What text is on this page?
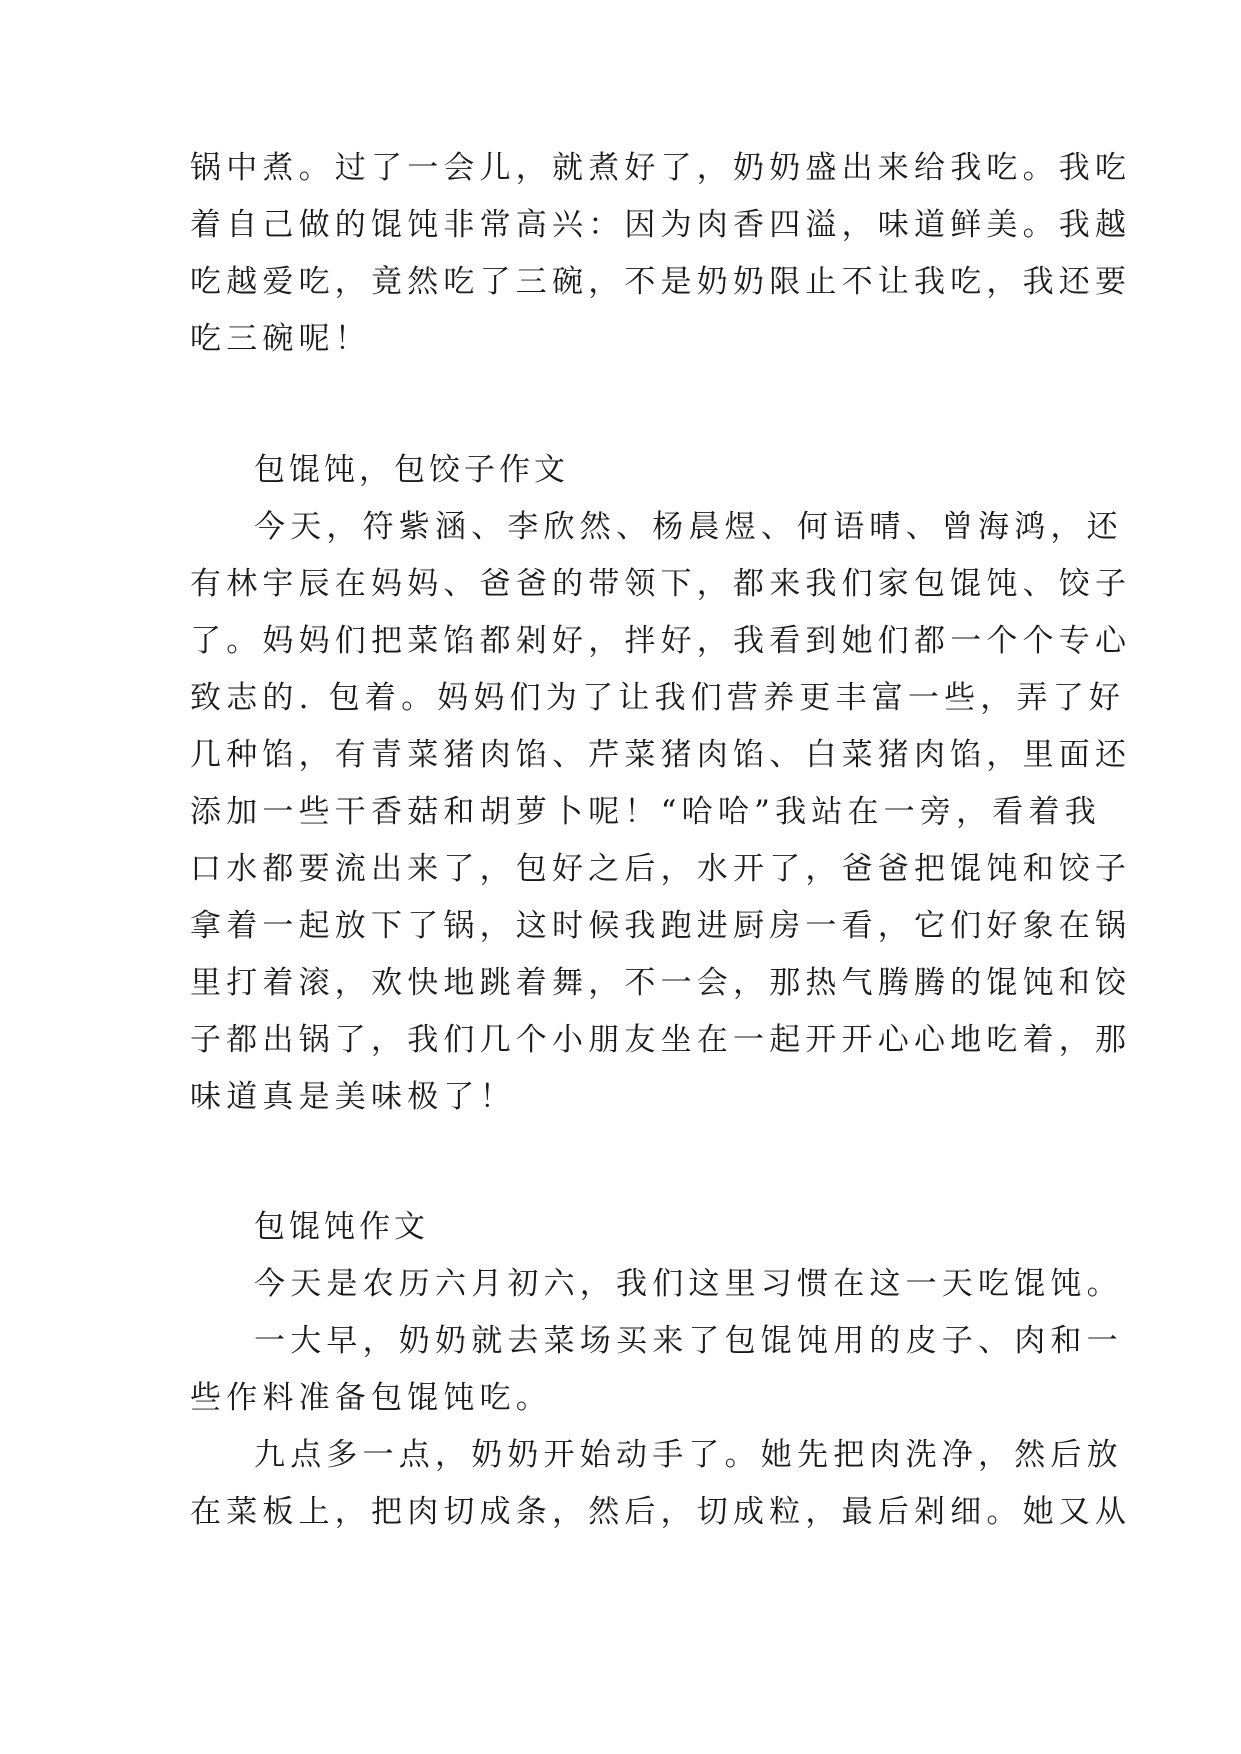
锅中煮。过了一会儿，就煮好了，奶奶盛出来给我吃。我吃
着自己做的馄饨非常高兴：因为肉香四溢，味道鲜美。我越
吃越爱吃，竟然吃了三碗，不是奶奶限止不让我吃，我还要
吃三碗呢！
包馄饨，包饺子作文
今天，符紫涵、李欣然、杨晨煜、何语晴、曾海鸿，还
有林宇辰在妈妈、爸爸的带领下，都来我们家包馄饨、饺子
了。妈妈们把菜馅都剁好，拌好，我看到她们都一个个专心
致志的. 包着。妈妈们为了让我们营养更丰富一些，弄了好
几种馅，有青菜猪肉馅、芹菜猪肉馅、白菜猪肉馅，里面还
添加一些干香菇和胡萝卜呢！“哈哈”我站在一旁，看着我
口水都要流出来了，包好之后，水开了，爸爸把馄饨和饺子
拿着一起放下了锅，这时候我跑进厨房一看，它们好象在锅
里打着滚，欢快地跳着舞，不一会，那热气腾腾的馄饨和饺
子都出锅了，我们几个小朋友坐在一起开开心心地吃着，那
味道真是美味极了！
包馄饨作文
今天是农历六月初六，我们这里习惯在这一天吃馄饨。
一大早，奶奶就去菜场买来了包馄饨用的皮子、肉和一
些作料准备包馄饨吃。
九点多一点，奶奶开始动手了。她先把肉洗净，然后放
在菜板上，把肉切成条，然后，切成粒，最后剁细。她又从
